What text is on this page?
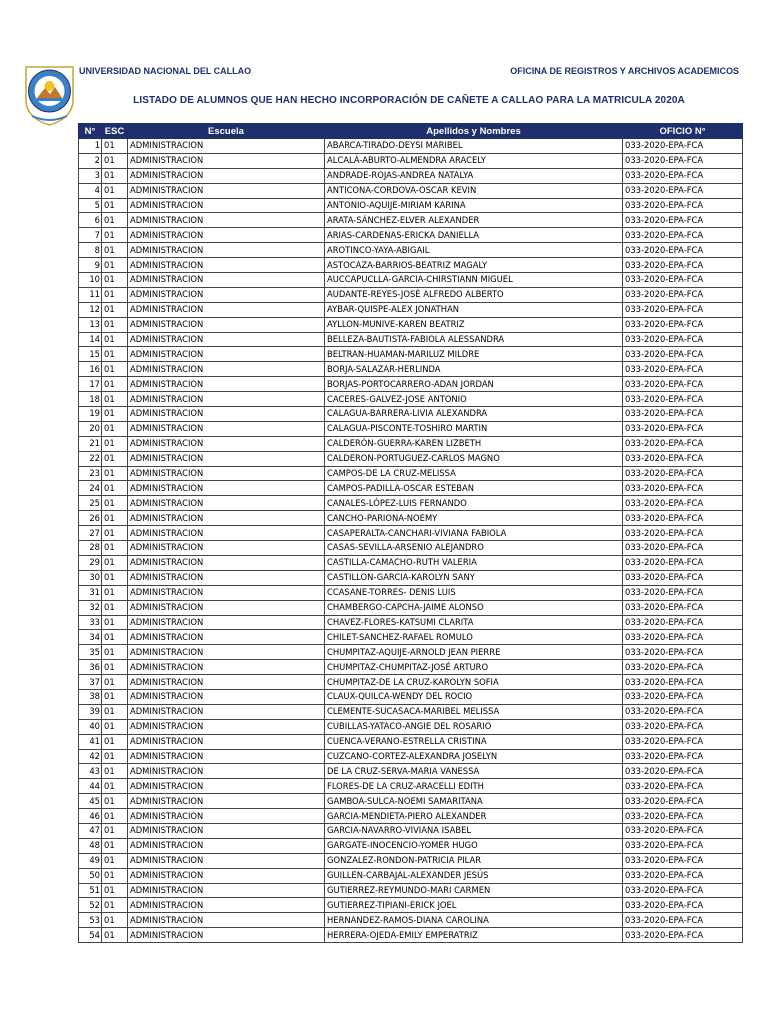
UNIVERSIDAD NACIONAL DEL CALLAO	OFICINA DE REGISTROS Y ARCHIVOS ACADEMICOS
LISTADO DE ALUMNOS QUE HAN HECHO INCORPORACIÓN DE CAÑETE A CALLAO PARA LA MATRICULA 2020A
N°	ESC	Escuela	Apellidos y Nombres	OFICIO N°
1	01	ADMINISTRACION	ABARCA-TIRADO-DEYSI MARIBEL	033-2020-EPA-FCA
2	01	ADMINISTRACION	ALCALÁ-ABURTO-ALMENDRA ARACELY	033-2020-EPA-FCA
3	01	ADMINISTRACION	ANDRADE-ROJAS-ANDREA NATALYA	033-2020-EPA-FCA
4	01	ADMINISTRACION	ANTICONA-CORDOVA-OSCAR KEVIN	033-2020-EPA-FCA
5	01	ADMINISTRACION	ANTONIO-AQUIJE-MIRIAM KARINA	033-2020-EPA-FCA
6	01	ADMINISTRACION	ARATA-SÁNCHEZ-ELVER ALEXANDER	033-2020-EPA-FCA
7	01	ADMINISTRACION	ARIAS-CARDENAS-ERICKA DANIELLA	033-2020-EPA-FCA
8	01	ADMINISTRACION	AROTINCO-YAYA-ABIGAIL	033-2020-EPA-FCA
9	01	ADMINISTRACION	ASTOCAZA-BARRIOS-BEATRIZ MAGALY	033-2020-EPA-FCA
10	01	ADMINISTRACION	AUCCAPUCLLA-GARCIA-CHIRSTIANN MIGUEL	033-2020-EPA-FCA
11	01	ADMINISTRACION	AUDANTE-REYES-JOSÉ ALFREDO ALBERTO	033-2020-EPA-FCA
12	01	ADMINISTRACION	AYBAR-QUISPE-ALEX JONATHAN	033-2020-EPA-FCA
13	01	ADMINISTRACION	AYLLON-MUNIVE-KAREN BEATRIZ	033-2020-EPA-FCA
14	01	ADMINISTRACION	BELLEZA-BAUTISTA-FABIOLA ALESSANDRA	033-2020-EPA-FCA
15	01	ADMINISTRACION	BELTRAN-HUAMAN-MARILUZ MILDRE	033-2020-EPA-FCA
16	01	ADMINISTRACION	BORJA-SALAZAR-HERLINDA	033-2020-EPA-FCA
17	01	ADMINISTRACION	BORJAS-PORTOCARRERO-ADAN JORDAN	033-2020-EPA-FCA
18	01	ADMINISTRACION	CACERES-GALVEZ-JOSE ANTONIO	033-2020-EPA-FCA
19	01	ADMINISTRACION	CALAGUA-BARRERA-LIVIA ALEXANDRA	033-2020-EPA-FCA
20	01	ADMINISTRACION	CALAGUA-PISCONTE-TOSHIRO MARTIN	033-2020-EPA-FCA
21	01	ADMINISTRACION	CALDERÓN-GUERRA-KAREN LIZBETH	033-2020-EPA-FCA
22	01	ADMINISTRACION	CALDERON-PORTUGUEZ-CARLOS MAGNO	033-2020-EPA-FCA
23	01	ADMINISTRACION	CAMPOS-DE LA CRUZ-MELISSA	033-2020-EPA-FCA
24	01	ADMINISTRACION	CAMPOS-PADILLA-OSCAR ESTEBAN	033-2020-EPA-FCA
25	01	ADMINISTRACION	CANALES-LÓPEZ-LUIS FERNANDO	033-2020-EPA-FCA
26	01	ADMINISTRACION	CANCHO-PARIONA-NOEMY	033-2020-EPA-FCA
27	01	ADMINISTRACION	CASAPERALTA-CANCHARI-VIVIANA FABIOLA	033-2020-EPA-FCA
28	01	ADMINISTRACION	CASAS-SEVILLA-ARSENIO ALEJANDRO	033-2020-EPA-FCA
29	01	ADMINISTRACION	CASTILLA-CAMACHO-RUTH VALERIA	033-2020-EPA-FCA
30	01	ADMINISTRACION	CASTILLON-GARCIA-KAROLYN SANY	033-2020-EPA-FCA
31	01	ADMINISTRACION	CCASANE-TORRES- DENIS LUIS	033-2020-EPA-FCA
32	01	ADMINISTRACION	CHAMBERGO-CAPCHA-JAIME ALONSO	033-2020-EPA-FCA
33	01	ADMINISTRACION	CHAVEZ-FLORES-KATSUMI CLARITA	033-2020-EPA-FCA
34	01	ADMINISTRACION	CHILET-SANCHEZ-RAFAEL ROMULO	033-2020-EPA-FCA
35	01	ADMINISTRACION	CHUMPITAZ-AQUIJE-ARNOLD JEAN PIERRE	033-2020-EPA-FCA
36	01	ADMINISTRACION	CHUMPITAZ-CHUMPITAZ-JOSÉ ARTURO	033-2020-EPA-FCA
37	01	ADMINISTRACION	CHUMPITAZ-DE LA CRUZ-KAROLYN SOFIA	033-2020-EPA-FCA
38	01	ADMINISTRACION	CLAUX-QUILCA-WENDY DEL ROCIO	033-2020-EPA-FCA
39	01	ADMINISTRACION	CLEMENTE-SUCASACA-MARIBEL MELISSA	033-2020-EPA-FCA
40	01	ADMINISTRACION	CUBILLAS-YATACO-ANGIE DEL ROSARIO	033-2020-EPA-FCA
41	01	ADMINISTRACION	CUENCA-VERANO-ESTRELLA CRISTINA	033-2020-EPA-FCA
42	01	ADMINISTRACION	CUZCANO-CORTEZ-ALEXANDRA JOSELYN	033-2020-EPA-FCA
43	01	ADMINISTRACION	DE LA CRUZ-SERVA-MARIA VANESSA	033-2020-EPA-FCA
44	01	ADMINISTRACION	FLORES-DE LA CRUZ-ARACELLI EDITH	033-2020-EPA-FCA
45	01	ADMINISTRACION	GAMBOA-SULCA-NOEMI SAMARITANA	033-2020-EPA-FCA
46	01	ADMINISTRACION	GARCIA-MENDIETA-PIERO ALEXANDER	033-2020-EPA-FCA
47	01	ADMINISTRACION	GARCIA-NAVARRO-VIVIANA ISABEL	033-2020-EPA-FCA
48	01	ADMINISTRACION	GARGATE-INOCENCIO-YOMER HUGO	033-2020-EPA-FCA
49	01	ADMINISTRACION	GONZALEZ-RONDON-PATRICIA PILAR	033-2020-EPA-FCA
50	01	ADMINISTRACION	GUILLEN-CARBAJAL-ALEXANDER JESÚS	033-2020-EPA-FCA
51	01	ADMINISTRACION	GUTIERREZ-REYMUNDO-MARI CARMEN	033-2020-EPA-FCA
52	01	ADMINISTRACION	GUTIERREZ-TIPIANI-ERICK JOEL	033-2020-EPA-FCA
53	01	ADMINISTRACION	HERNANDEZ-RAMOS-DIANA CAROLINA	033-2020-EPA-FCA
54	01	ADMINISTRACION	HERRERA-OJEDA-EMILY EMPERATRIZ	033-2020-EPA-FCA
